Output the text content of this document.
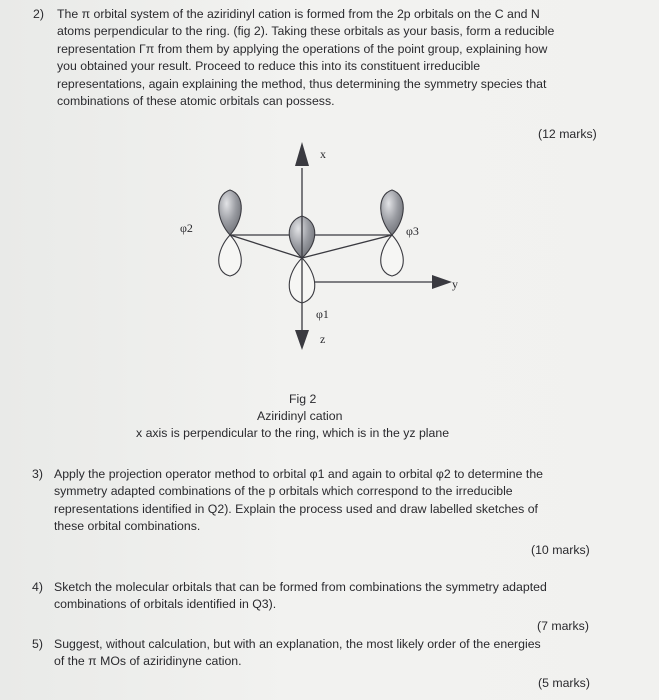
2) The π orbital system of the aziridinyl cation is formed from the 2p orbitals on the C and N
atoms perpendicular to the ring. (fig 2). Taking these orbitals as your basis, form a reducible
representation Γπ from them by applying the operations of the point group, explaining how
you obtained your result. Proceed to reduce this into its constituent irreducible
representations, again explaining the method, thus determining the symmetry species that
combinations of these atomic orbitals can possess.
(12 marks)
y
x
z
φ2	φ3
φ1
Fig 2
Aziridinyl cation
x axis is perpendicular to the ring, which is in the yz plane
3) Apply the projection operator method to orbital φ1 and again to orbital φ2 to determine the
symmetry adapted combinations of the p orbitals which correspond to the irreducible
representations identified in Q2). Explain the process used and draw labelled sketches of
these orbital combinations.
(10 marks)
4) Sketch the molecular orbitals that can be formed from combinations the symmetry adapted
combinations of orbitals identified in Q3).
(7 marks)
5) Suggest, without calculation, but with an explanation, the most likely order of the energies
of the π MOs of aziridinyne cation.
(5 marks)
